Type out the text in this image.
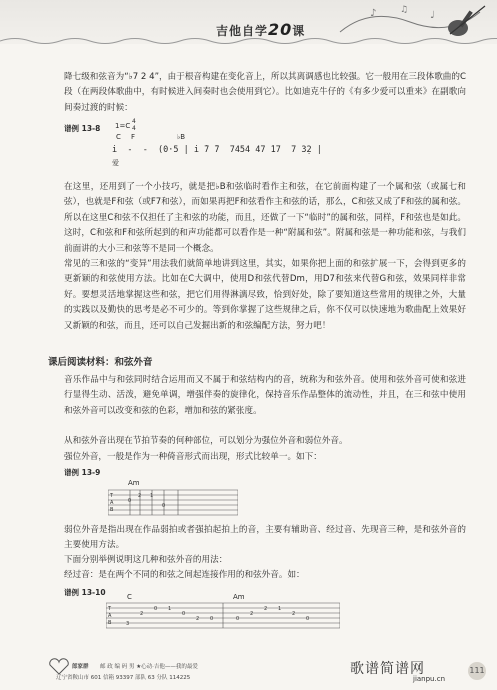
♪	♫ ♩
吉他自学20课

降七级和弦音为“♭7 2 4”，由于根音构建在变化音上，所以其离调感也比较强。它一般用在三段体歌曲的C段（在两段体歌曲中，有时候进入间奏时也会使用到它）。比如迪克牛仔的《有多少爱可以重来》在副歌向间奏过渡的时候：

谱例 13-8 1=C
4
4
C F	♭B
i  -  -  (0·5 | i ̇7 ̇7  7454 47 ̇17  7 3̣2 |
爱

在这里，还用到了一个小技巧，就是把♭B和弦临时看作主和弦，在它前面构建了一个属和弦（或属七和弦），也就是F和弦（或F7和弦），而如果再把F和弦看作主和弦的话，那么，C和弦又成了F和弦的属和弦。所以在这里C和弦不仅担任了主和弦的功能，而且，还做了一下“临时”的属和弦，同样，F和弦也是如此。这时，C和弦和F和弦所起到的和声功能都可以看作是一种“附属和弦”。附属和弦是一种功能和弦，与我们前面讲的大小三和弦等不是同一个概念。

常见的三和弦的“变异”用法我们就简单地讲到这里，其实，如果你把上面的和弦扩展一下，会得到更多的更新颖的和弦使用方法。比如在C大调中，使用D和弦代替Dm，用D7和弦来代替G和弦，效果同样非常好。要想灵活地掌握这些和弦，把它们用得淋漓尽致，恰到好处，除了要知道这些常用的规律之外，大量的实践以及勤快的思考是必不可少的。等到你掌握了这些规律之后，你不仅可以快速地为歌曲配上效果好又新颖的和弦，而且，还可以自己发掘出新的和弦编配方法，努力吧！

课后阅读材料：和弦外音

音乐作品中与和弦同时结合运用而又不属于和弦结构内的音，统称为和弦外音。使用和弦外音可使和弦进行显得生动、活泼，避免单调，增强伴奏的旋律化，保持音乐作品整体的流动性，并且，在三和弦中使用和弦外音可以改变和弦的色彩，增加和弦的紧张度。

从和弦外音出现在节拍节奏的何种部位，可以划分为强位外音和弱位外音。

强位外音，一般是作为一种倚音形式而出现，形式比较单一。如下：

谱例 13-9
Am
T
A
B
0
2 1
0

弱位外音是指出现在作品弱拍或者强拍起拍上的音，主要有辅助音、经过音、先现音三种，是和弦外音的主要使用方法。

下面分别举例说明这几种和弦外音的用法：

经过音：是在两个不同的和弦之间起连接作用的和弦外音。如：

谱例 13-10	C	Am
T
A
B	3
2
0 1
0
2 0	0
2
2 1
2
0
郎家群 邮 政 编 码 男 ★心动·吉他——我的最爱
辽宁省鞍山市 601 信箱 93397 部队 63 分队 114225
歌谱简谱网
jianpu.cn
111
